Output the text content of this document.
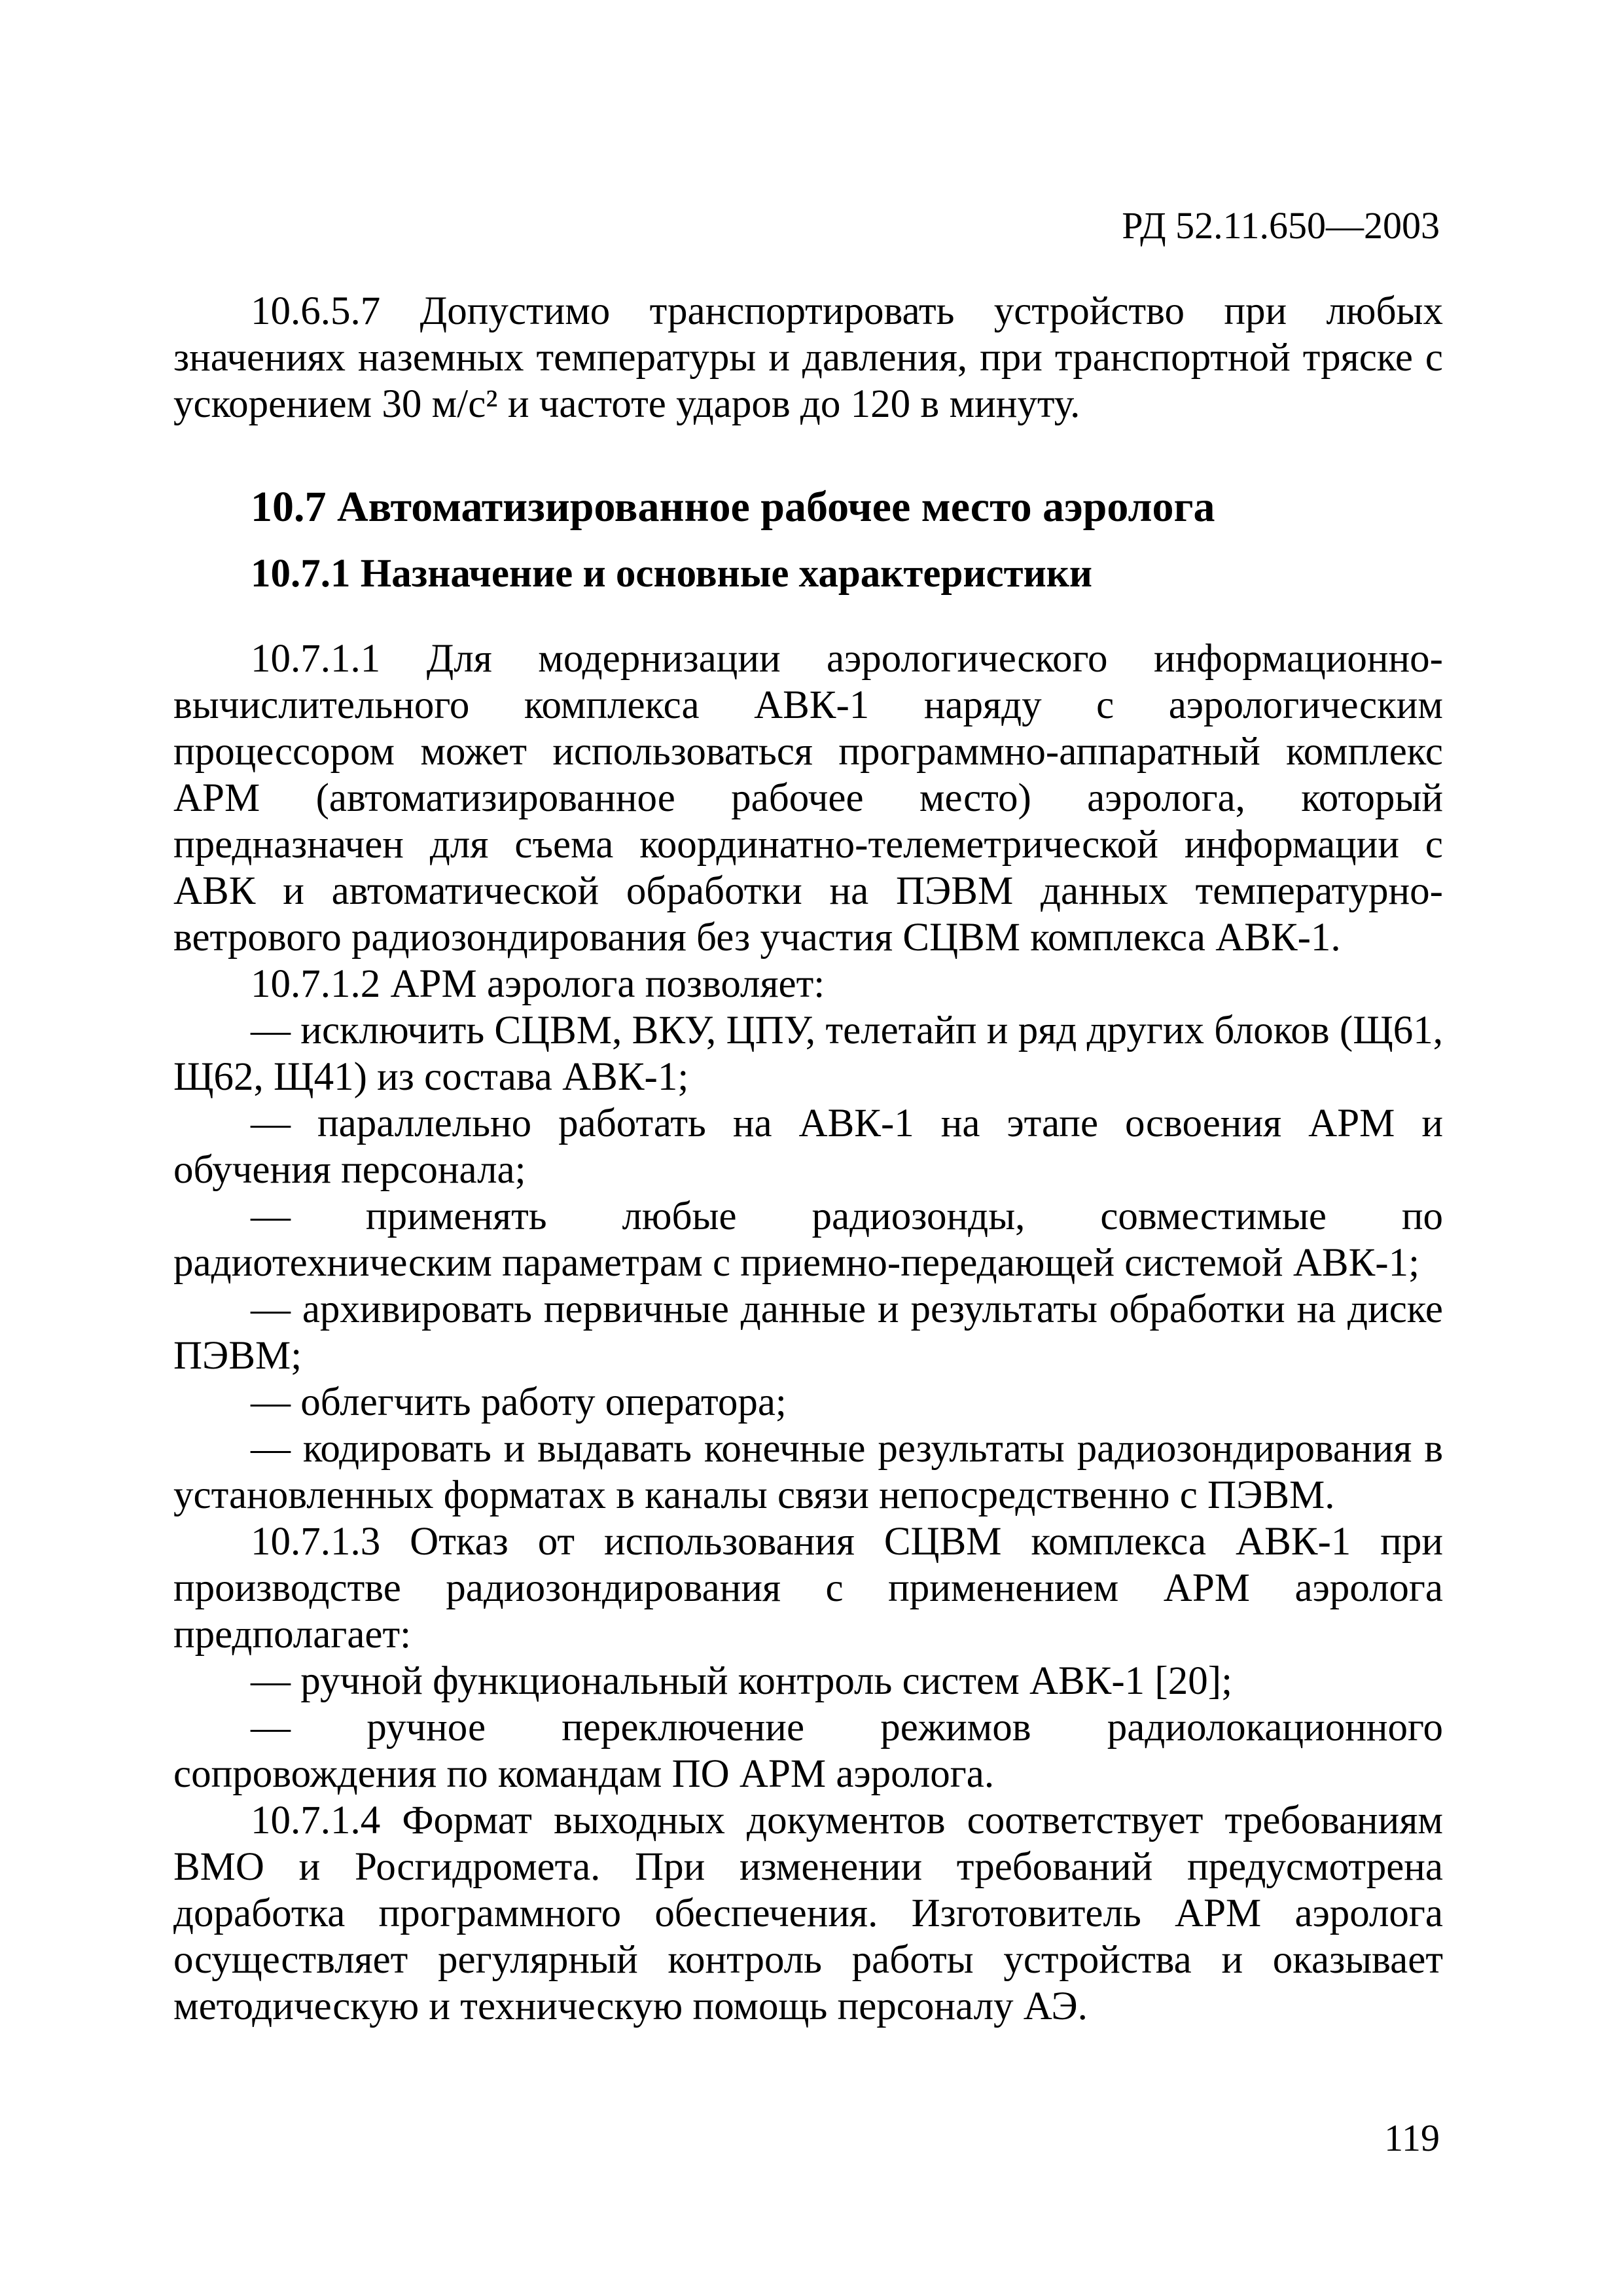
РД 52.11.650—2003

10.6.5.7 Допустимо транспортировать устройство при любых значениях наземных температуры и давления, при транспортной тряске с ускорением 30 м/с² и частоте ударов до 120 в минуту.

10.7 Автоматизированное рабочее место аэролога
10.7.1 Назначение и основные характеристики

10.7.1.1 Для модернизации аэрологического информационно-вычислительного комплекса АВК-1 наряду с аэрологическим процессором может использоваться программно-аппаратный комплекс АРМ (автоматизированное рабочее место) аэролога, который предназначен для съема координатно-телеметрической информации с АВК и автоматической обработки на ПЭВМ данных температурно-ветрового радиозондирования без участия СЦВМ комплекса АВК-1.

10.7.1.2 АРМ аэролога позволяет:

— исключить СЦВМ, ВКУ, ЦПУ, телетайп и ряд других блоков (Щ61, Щ62, Щ41) из состава АВК-1;

— параллельно работать на АВК-1 на этапе освоения АРМ и обучения персонала;

— применять любые радиозонды, совместимые по радиотехническим параметрам с приемно-передающей системой АВК-1;

— архивировать первичные данные и результаты обработки на диске ПЭВМ;

— облегчить работу оператора;

— кодировать и выдавать конечные результаты радиозондирования в установленных форматах в каналы связи непосредственно с ПЭВМ.

10.7.1.3 Отказ от использования СЦВМ комплекса АВК-1 при производстве радиозондирования с применением АРМ аэролога предполагает:

— ручной функциональный контроль систем АВК-1 [20];

— ручное переключение режимов радиолокационного сопровождения по командам ПО АРМ аэролога.

10.7.1.4 Формат выходных документов соответствует требованиям ВМО и Росгидромета. При изменении требований предусмотрена доработка программного обеспечения. Изготовитель АРМ аэролога осуществляет регулярный контроль работы устройства и оказывает методическую и техническую помощь персоналу АЭ.

119
